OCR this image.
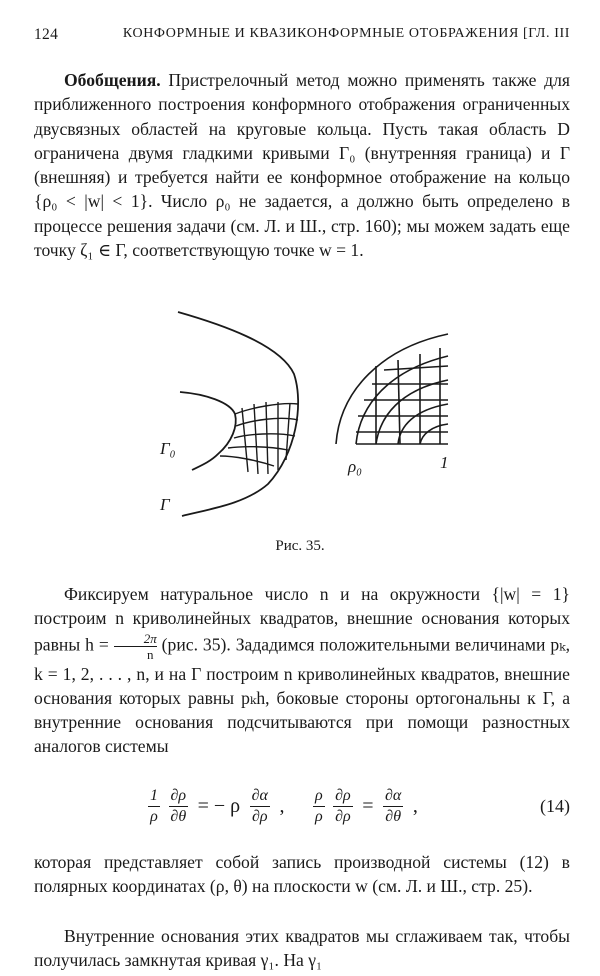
124	КОНФОРМНЫЕ И КВАЗИКОНФОРМНЫЕ ОТОБРАЖЕНИЯ [ГЛ. III

Обобщения. Пристрелочный метод можно применять также для приближенного построения конформного отображения ограниченных двусвязных областей на круговые кольца. Пусть такая область D ограничена двумя гладкими кривыми Γ₀ (внутренняя граница) и Γ (внешняя) и требуется найти ее конформное отображение на кольцо {ρ₀ < |w| < 1}. Число ρ₀ не задается, а должно быть определено в процессе решения задачи (см. Л. и Ш., стр. 160); мы можем задать еще точку ζ₁ ∈ Γ, соответствующую точке w = 1.

Γ₀
Γ
ρ₀	1
Рис. 35.

Фиксируем натуральное число n и на окружности {|w| = 1} построим n криволинейных квадратов, внешние основания которых равны $h = \frac{2\pi}{n} (рис$. 35). Зададимся положительными величинами pₖ, k = 1, 2, . . . , n, и на Γ построим n криволинейных квадратов, внешние основания которых равны pₖh, боковые стороны ортогональны к Γ, а внутренние основания подсчитываются при помощи разностных аналогов системы

$\frac{1}{\rho}$
$\frac{\partial\rho}{\partial\theta}$ = − ρ $\frac{\partial\alpha}{\partial\rho}$ , $\frac{\rho}{\rho}$
$\frac{\partial\rho}{\partial\rho} = \frac{\partial\alpha}{\partial\theta}$ ,	(14)

которая представляет собой запись производной системы (12) в полярных координатах (ρ, θ) на плоскости w (см. Л. и Ш., стр. 25).

Внутренние основания этих квадратов мы сглаживаем так, чтобы получилась замкнутая кривая γ₁. На γ₁
